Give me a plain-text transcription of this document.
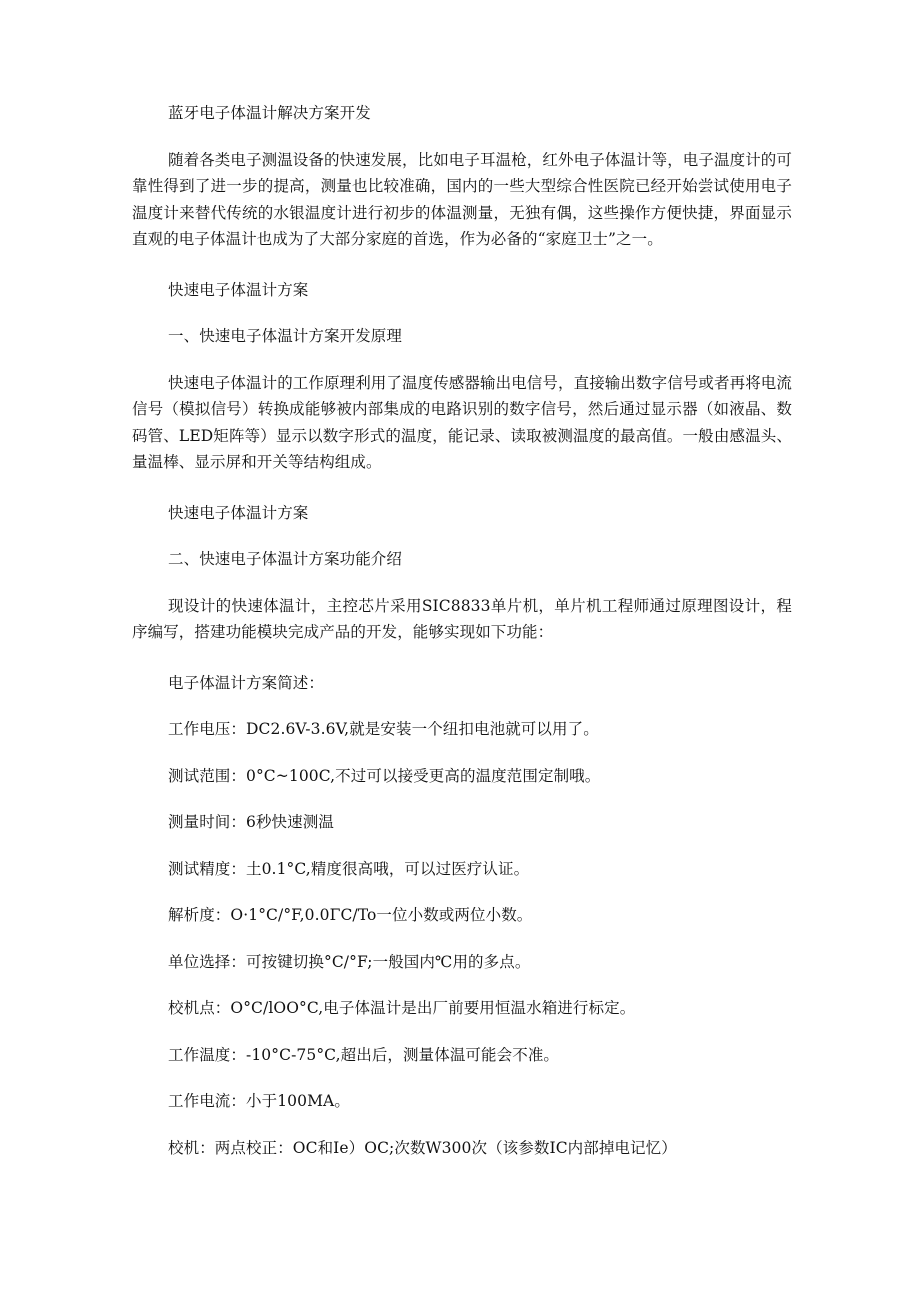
蓝牙电子体温计解决方案开发

随着各类电子测温设备的快速发展，比如电子耳温枪，红外电子体温计等，电子温度计的可靠性得到了进一步的提高，测量也比较准确，国内的一些大型综合性医院已经开始尝试使用电子温度计来替代传统的水银温度计进行初步的体温测量，无独有偶，这些操作方便快捷，界面显示直观的电子体温计也成为了大部分家庭的首选，作为必备的“家庭卫士”之一。

快速电子体温计方案

一、快速电子体温计方案开发原理

快速电子体温计的工作原理利用了温度传感器输出电信号，直接输出数字信号或者再将电流信号（模拟信号）转换成能够被内部集成的电路识别的数字信号，然后通过显示器（如液晶、数码管、LED矩阵等）显示以数字形式的温度，能记录、读取被测温度的最高值。一般由感温头、量温棒、显示屏和开关等结构组成。

快速电子体温计方案

二、快速电子体温计方案功能介绍

现设计的快速体温计，主控芯片采用SIC8833单片机，单片机工程师通过原理图设计，程序编写，搭建功能模块完成产品的开发，能够实现如下功能：

电子体温计方案简述：

工作电压：DC2.6V-3.6V,就是安装一个纽扣电池就可以用了。

测试范围：0°C~100C,不过可以接受更高的温度范围定制哦。

测量时间：6秒快速测温

测试精度：土0.1°C,精度很高哦，可以过医疗认证。

解析度：O·1°C/°F,0.0ΓC/To一位小数或两位小数。

单位选择：可按键切换°C/°F;一般国内℃用的多点。

校机点：O°C/lOO°C,电子体温计是出厂前要用恒温水箱进行标定。

工作温度：-10°C-75°C,超出后，测量体温可能会不准。

工作电流：小于100MA。

校机：两点校正：OC和Ie）OC;次数W300次（该参数IC内部掉电记忆）
